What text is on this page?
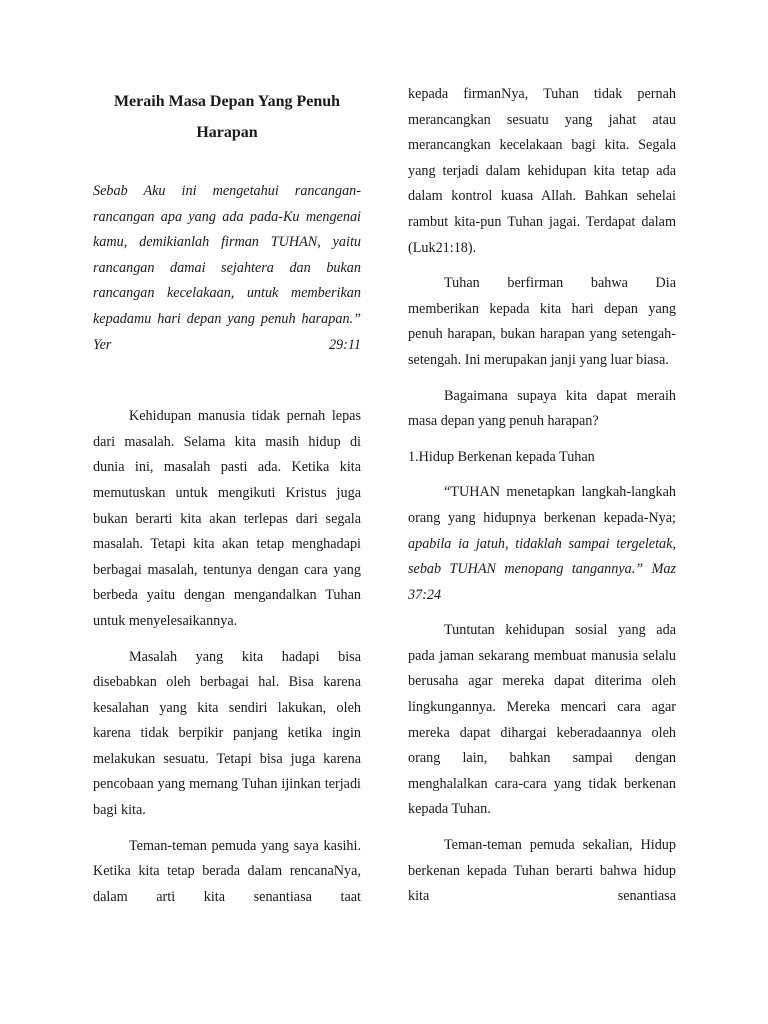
Meraih Masa Depan Yang Penuh Harapan

Sebab Aku ini mengetahui rancangan-rancangan apa yang ada pada-Ku mengenai kamu, demikianlah firman TUHAN, yaitu rancangan damai sejahtera dan bukan rancangan kecelakaan, untuk memberikan kepadamu hari depan yang penuh harapan.” Yer 29:11

Kehidupan manusia tidak pernah lepas dari masalah. Selama kita masih hidup di dunia ini, masalah pasti ada. Ketika kita memutuskan untuk mengikuti Kristus juga bukan berarti kita akan terlepas dari segala masalah. Tetapi kita akan tetap menghadapi berbagai masalah, tentunya dengan cara yang berbeda yaitu dengan mengandalkan Tuhan untuk menyelesaikannya.

Masalah yang kita hadapi bisa disebabkan oleh berbagai hal. Bisa karena kesalahan yang kita sendiri lakukan, oleh karena tidak berpikir panjang ketika ingin melakukan sesuatu. Tetapi bisa juga karena pencobaan yang memang Tuhan ijinkan terjadi bagi kita.

Teman-teman pemuda yang saya kasihi. Ketika kita tetap berada dalam rencanaNya, dalam arti kita senantiasa taat

kepada firmanNya, Tuhan tidak pernah merancangkan sesuatu yang jahat atau merancangkan kecelakaan bagi kita. Segala yang terjadi dalam kehidupan kita tetap ada dalam kontrol kuasa Allah. Bahkan sehelai rambut kita-pun Tuhan jagai. Terdapat dalam (Luk21:18).

Tuhan berfirman bahwa Dia memberikan kepada kita hari depan yang penuh harapan, bukan harapan yang setengah-setengah. Ini merupakan janji yang luar biasa.

Bagaimana supaya kita dapat meraih masa depan yang penuh harapan?

1.Hidup Berkenan kepada Tuhan

“TUHAN menetapkan langkah-langkah orang yang hidupnya berkenan kepada-Nya; apabila ia jatuh, tidaklah sampai tergeletak, sebab TUHAN menopang tangannya.” Maz 37:24

Tuntutan kehidupan sosial yang ada pada jaman sekarang membuat manusia selalu berusaha agar mereka dapat diterima oleh lingkungannya. Mereka mencari cara agar mereka dapat dihargai keberadaannya oleh orang lain, bahkan sampai dengan menghalalkan cara-cara yang tidak berkenan kepada Tuhan.

Teman-teman pemuda sekalian, Hidup berkenan kepada Tuhan berarti bahwa hidup kita senantiasa
